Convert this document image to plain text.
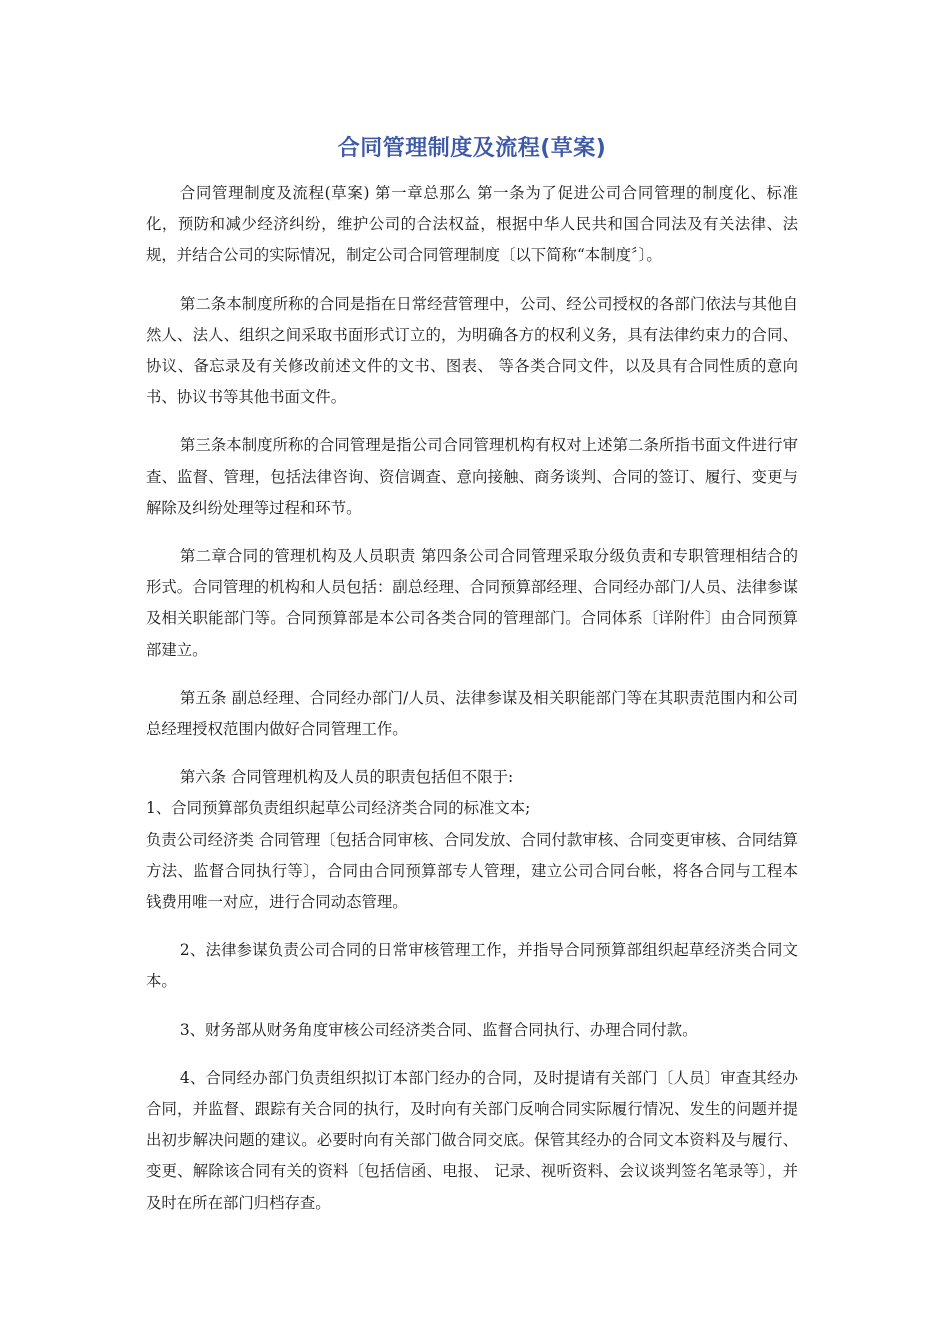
合同管理制度及流程(草案)

合同管理制度及流程(草案) 第一章总那么 第一条为了促进公司合同管理的制度化、标准化，预防和减少经济纠纷，维护公司的合法权益，根据中华人民共和国合同法及有关法律、法规，并结合公司的实际情况，制定公司合同管理制度〔以下简称“本制度〞〕。

第二条本制度所称的合同是指在日常经营管理中，公司、经公司授权的各部门依法与其他自然人、法人、组织之间采取书面形式订立的，为明确各方的权利义务，具有法律约束力的合同、协议、备忘录及有关修改前述文件的文书、图表、 等各类合同文件，以及具有合同性质的意向书、协议书等其他书面文件。

第三条本制度所称的合同管理是指公司合同管理机构有权对上述第二条所指书面文件进行审查、监督、管理，包括法律咨询、资信调查、意向接触、商务谈判、合同的签订、履行、变更与解除及纠纷处理等过程和环节。

第二章合同的管理机构及人员职责 第四条公司合同管理采取分级负责和专职管理相结合的形式。合同管理的机构和人员包括：副总经理、合同预算部经理、合同经办部门/人员、法律参谋及相关职能部门等。合同预算部是本公司各类合同的管理部门。合同体系〔详附件〕由合同预算部建立。

第五条 副总经理、合同经办部门/人员、法律参谋及相关职能部门等在其职责范围内和公司总经理授权范围内做好合同管理工作。

第六条 合同管理机构及人员的职责包括但不限于:

1、合同预算部负责组织起草公司经济类合同的标准文本;

负责公司经济类 合同管理〔包括合同审核、合同发放、合同付款审核、合同变更审核、合同结算方法、监督合同执行等〕，合同由合同预算部专人管理，建立公司合同台帐，将各合同与工程本钱费用唯一对应，进行合同动态管理。

2、法律参谋负责公司合同的日常审核管理工作，并指导合同预算部组织起草经济类合同文本。

3、财务部从财务角度审核公司经济类合同、监督合同执行、办理合同付款。

4、合同经办部门负责组织拟订本部门经办的合同，及时提请有关部门〔人员〕审查其经办合同，并监督、跟踪有关合同的执行，及时向有关部门反响合同实际履行情况、发生的问题并提出初步解决问题的建议。必要时向有关部门做合同交底。保管其经办的合同文本资料及与履行、变更、解除该合同有关的资料〔包括信函、电报、 记录、视听资料、会议谈判签名笔录等〕，并及时在所在部门归档存查。
